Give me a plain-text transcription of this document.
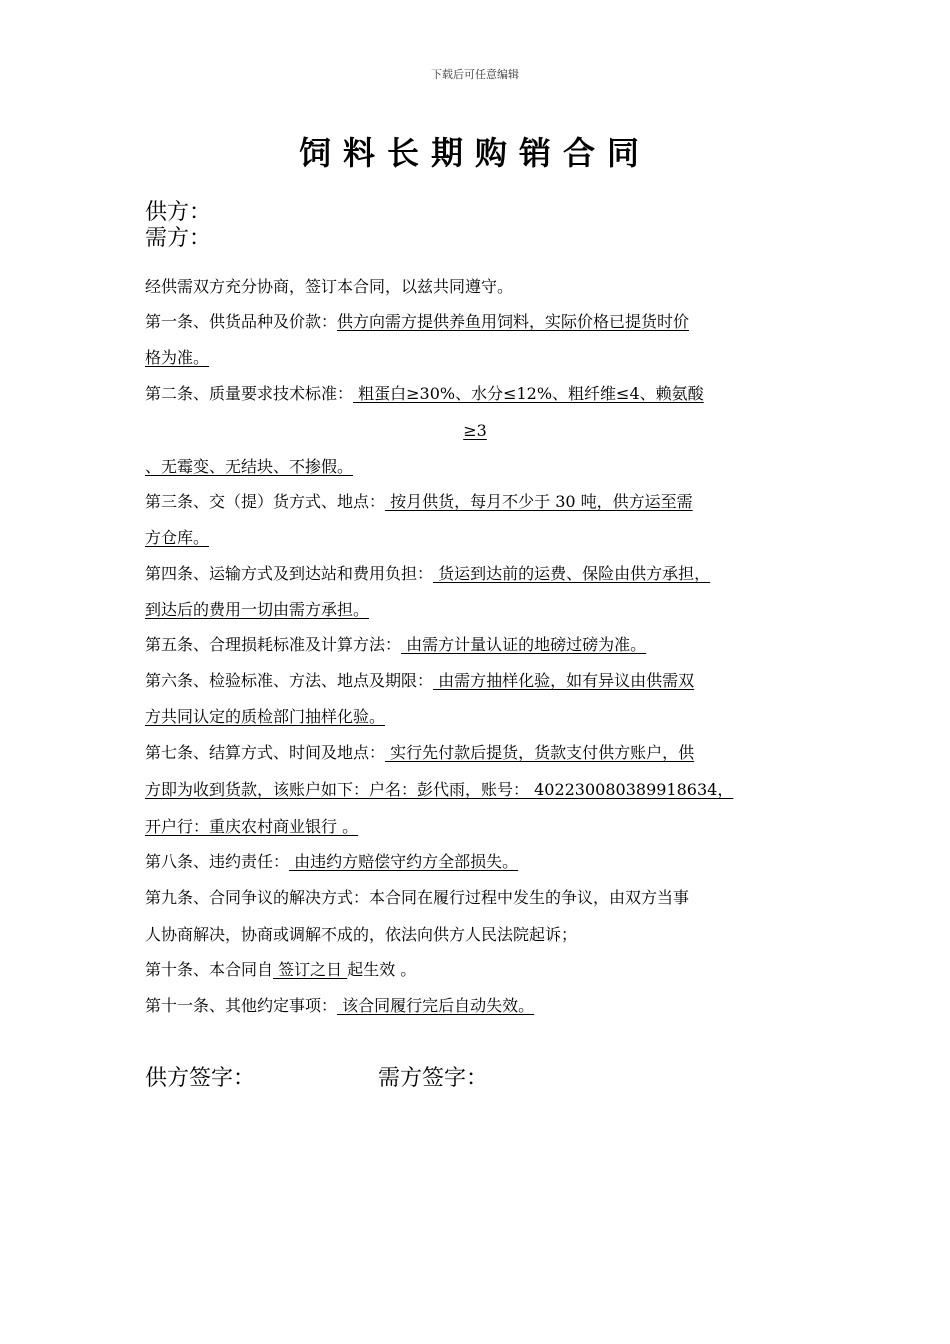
下载后可任意编辑
饲料长期购销合同
供方：
需方：
经供需双方充分协商，签订本合同，以兹共同遵守。
第一条、供货品种及价款：供方向需方提供养鱼用饲料，实际价格已提货时价
格为准。
第二条、质量要求技术标准： 粗蛋白≥30%、水分≤12%、粗纤维≤4、赖氨酸
≥3
、无霉变、无结块、不掺假。
第三条、交（提）货方式、地点： 按月供货，每月不少于 30 吨，供方运至需
方仓库。
第四条、运输方式及到达站和费用负担： 货运到达前的运费、保险由供方承担，
到达后的费用一切由需方承担。
第五条、合理损耗标准及计算方法： 由需方计量认证的地磅过磅为准。
第六条、检验标准、方法、地点及期限： 由需方抽样化验，如有异议由供需双
方共同认定的质检部门抽样化验。
第七条、结算方式、时间及地点： 实行先付款后提货，货款支付供方账户，供
方即为收到货款，该账户如下：户名：彭代雨，账号： 402230080389918634，
开户行：重庆农村商业银行 。
第八条、违约责任： 由违约方赔偿守约方全部损失。
第九条、合同争议的解决方式：本合同在履行过程中发生的争议，由双方当事
人协商解决，协商或调解不成的，依法向供方人民法院起诉；
第十条、本合同自 签订之日 起生效 。
第十一条、其他约定事项： 该合同履行完后自动失效。
供方签字：	需方签字：
